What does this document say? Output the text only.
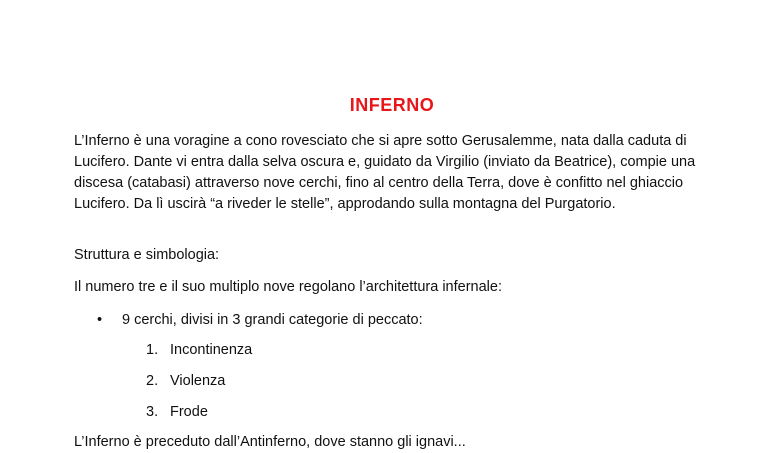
INFERNO

L’Inferno è una voragine a cono rovesciato che si apre sotto Gerusalemme, nata dalla caduta di Lucifero. Dante vi entra dalla selva oscura e, guidato da Virgilio (inviato da Beatrice), compie una discesa (catabasi) attraverso nove cerchi, fino al centro della Terra, dove è confitto nel ghiaccio Lucifero. Da lì uscirà “a riveder le stelle”, approdando sulla montagna del Purgatorio.

Struttura e simbologia:

Il numero tre e il suo multiplo nove regolano l’architettura infernale:

•	9 cerchi, divisi in 3 grandi categorie di peccato:
1. Incontinenza
2. Violenza
3. Frode
L’Inferno è preceduto dall’Antinferno, dove stanno gli ignavi...
